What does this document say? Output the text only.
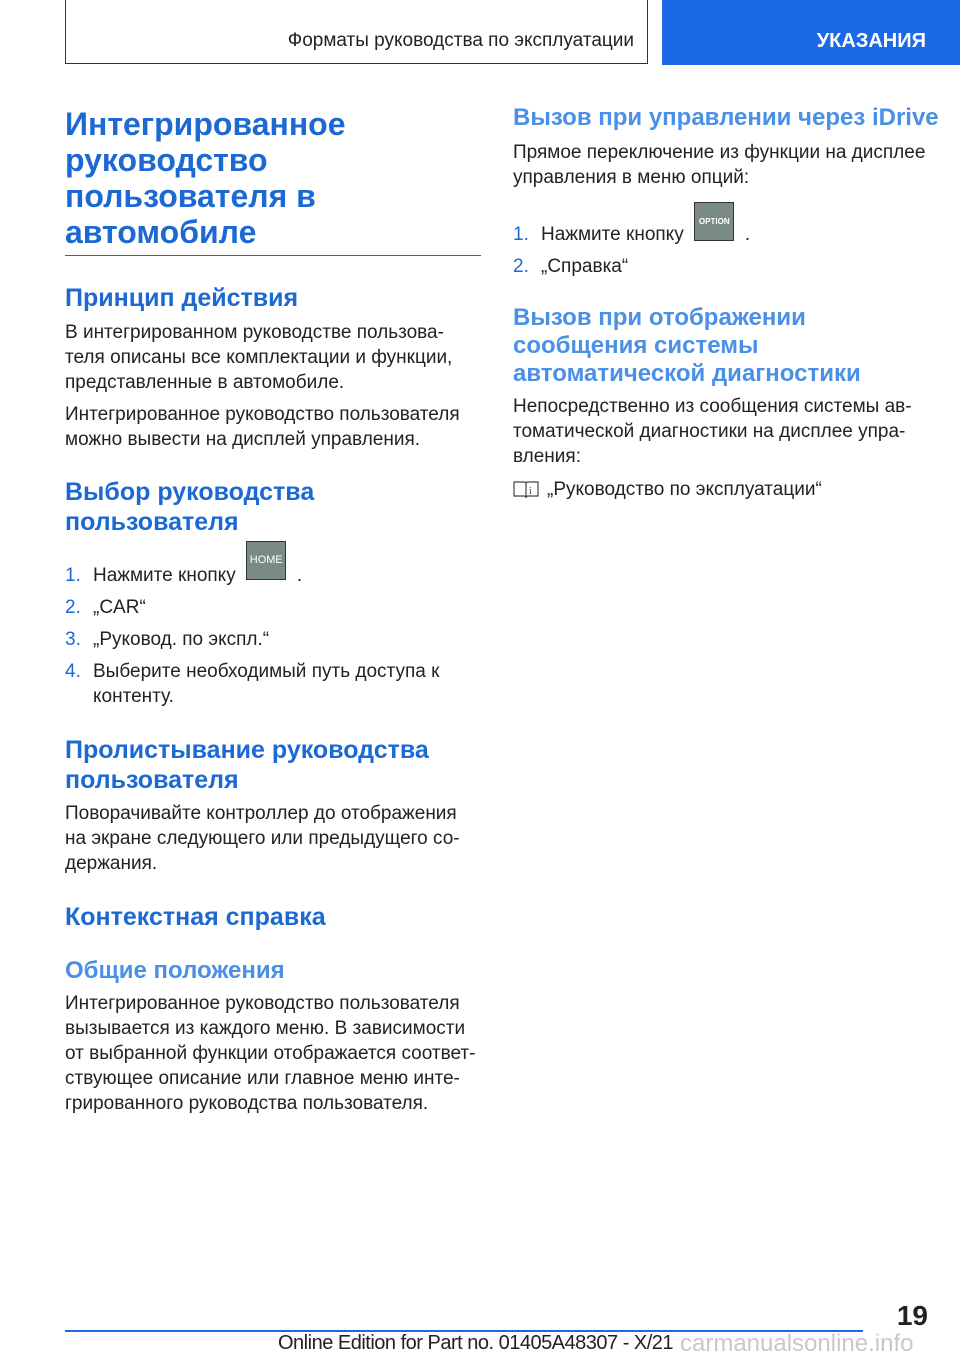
Форматы руководства по эксплуатации	УКАЗАНИЯ
Интегрированное руководство пользователя в автомобиле
Принцип действия
В интегрированном руководстве пользова-теля описаны все комплектации и функции, представленные в автомобиле.
Интегрированное руководство пользователя можно вывести на дисплей управления.
Выбор руководства пользователя
1. Нажмите кнопку

HOME
.
2. „CAR“
3. „Руковод. по экспл.“
4. Выберите необходимый путь доступа к контенту.
Пролистывание руководства пользователя
Поворачивайте контроллер до отображения на экране следующего или предыдущего со-держания.
Контекстная справка
Общие положения
Интегрированное руководство пользователя вызывается из каждого меню. В зависимости от выбранной функции отображается соответ-ствующее описание или главное меню инте-грированного руководства пользователя.
Вызов при управлении через iDrive
Прямое переключение из функции на дисплее управления в меню опций:
1. Нажмите кнопку

OPTION
.
2. „Справка“
Вызов при отображении сообщения системы автоматической диагностики
Непосредственно из сообщения системы ав-томатической диагностики на дисплее упра-вления:
i „Руководство по эксплуатации“
19
Online Edition for Part no. 01405A48307 - X/21 carmanualsonline.info
